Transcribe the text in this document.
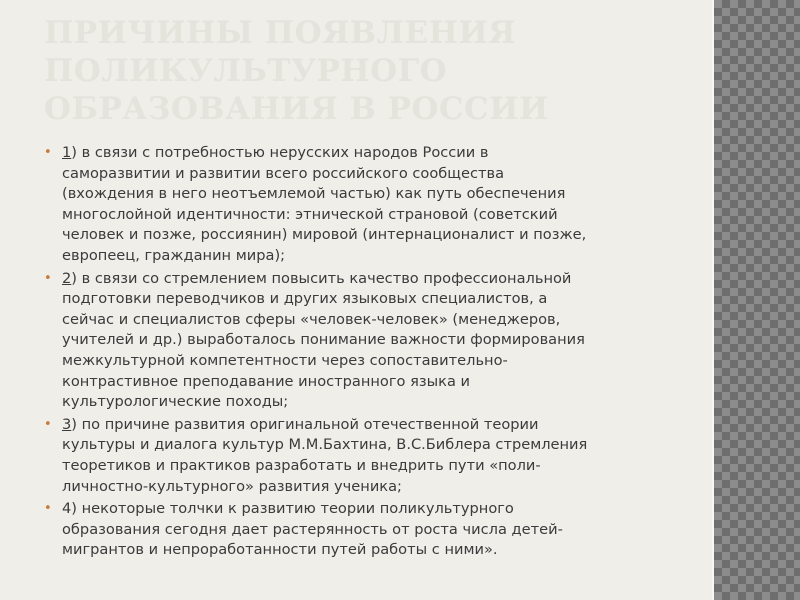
ПРИЧИНЫ ПОЯВЛЕНИЯ
ПОЛИКУЛЬТУРНОГО
ОБРАЗОВАНИЯ В РОССИИ
• 1) в связи с потребностью нерусских народов России в
саморазвитии и развитии всего российского сообщества
(вхождения в него неотъемлемой частью) как путь обеспечения
многослойной идентичности: этнической страновой (советский
человек и позже, россиянин) мировой (интернационалист и позже,
европеец, гражданин мира);
• 2) в связи со стремлением повысить качество профессиональной
подготовки переводчиков и других языковых специалистов, а
сейчас и специалистов сферы «человек-человек» (менеджеров,
учителей и др.) выработалось понимание важности формирования
межкультурной компетентности через сопоставительно-
контрастивное преподавание иностранного языка и
культурологические походы;
• 3) по причине развития оригинальной отечественной теории
культуры и диалога культур М.М.Бахтина, В.С.Библера стремления
теоретиков и практиков разработать и внедрить пути «поли-
личностно-культурного» развития ученика;
• 4) некоторые толчки к развитию теории поликультурного
образования сегодня дает растерянность от роста числа детей-
мигрантов и непроработанности путей работы с ними».
